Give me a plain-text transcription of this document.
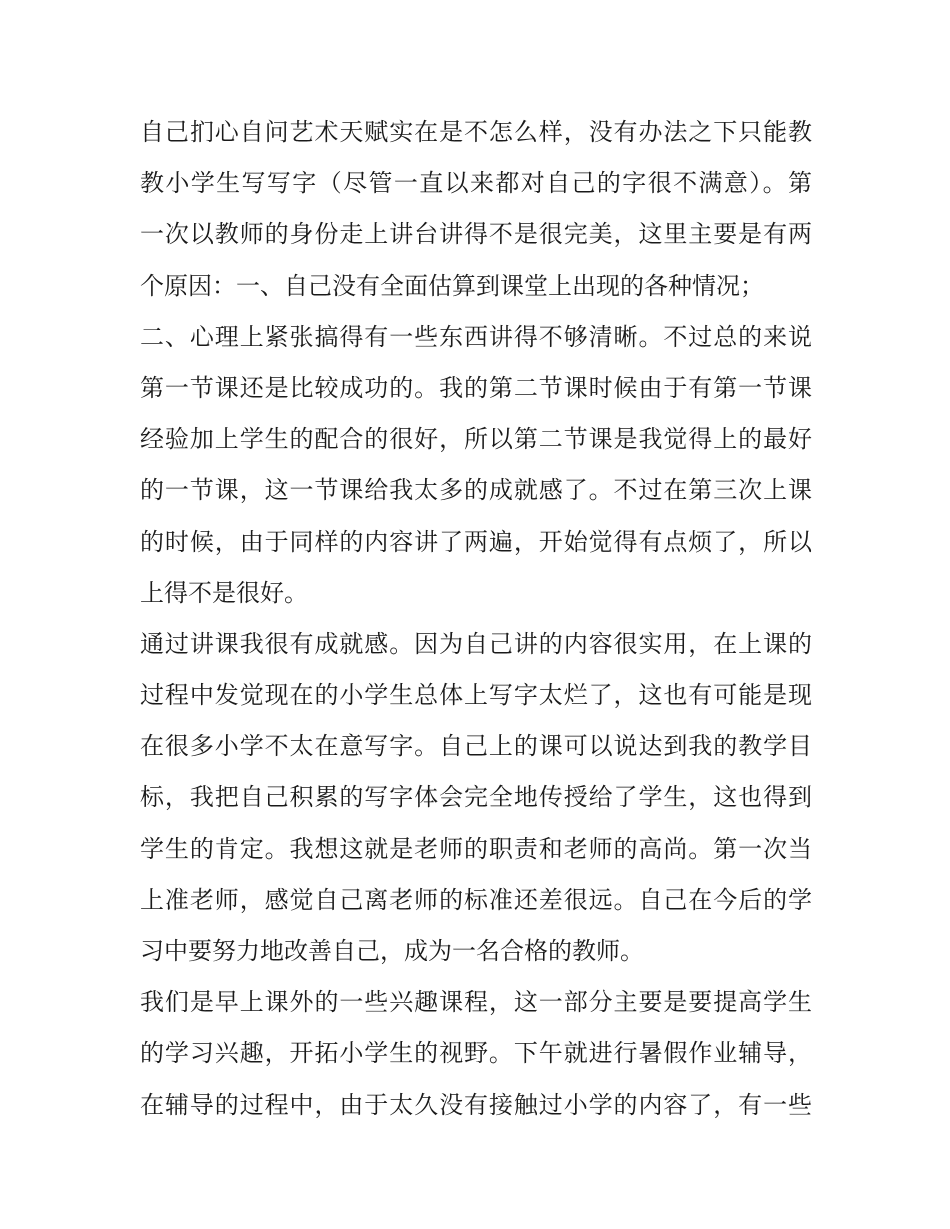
自己扪心自问艺术天赋实在是不怎么样，没有办法之下只能教
教小学生写写字（尽管一直以来都对自己的字很不满意）。第
一次以教师的身份走上讲台讲得不是很完美，这里主要是有两
个原因：一、自己没有全面估算到课堂上出现的各种情况；
二、心理上紧张搞得有一些东西讲得不够清晰。不过总的来说
第一节课还是比较成功的。我的第二节课时候由于有第一节课
经验加上学生的配合的很好，所以第二节课是我觉得上的最好
的一节课，这一节课给我太多的成就感了。不过在第三次上课
的时候，由于同样的内容讲了两遍，开始觉得有点烦了，所以
上得不是很好。
通过讲课我很有成就感。因为自己讲的内容很实用，在上课的
过程中发觉现在的小学生总体上写字太烂了，这也有可能是现
在很多小学不太在意写字。自己上的课可以说达到我的教学目
标，我把自己积累的写字体会完全地传授给了学生，这也得到
学生的肯定。我想这就是老师的职责和老师的高尚。第一次当
上准老师，感觉自己离老师的标准还差很远。自己在今后的学
习中要努力地改善自己，成为一名合格的教师。
我们是早上课外的一些兴趣课程，这一部分主要是要提高学生
的学习兴趣，开拓小学生的视野。下午就进行暑假作业辅导，
在辅导的过程中，由于太久没有接触过小学的内容了，有一些
